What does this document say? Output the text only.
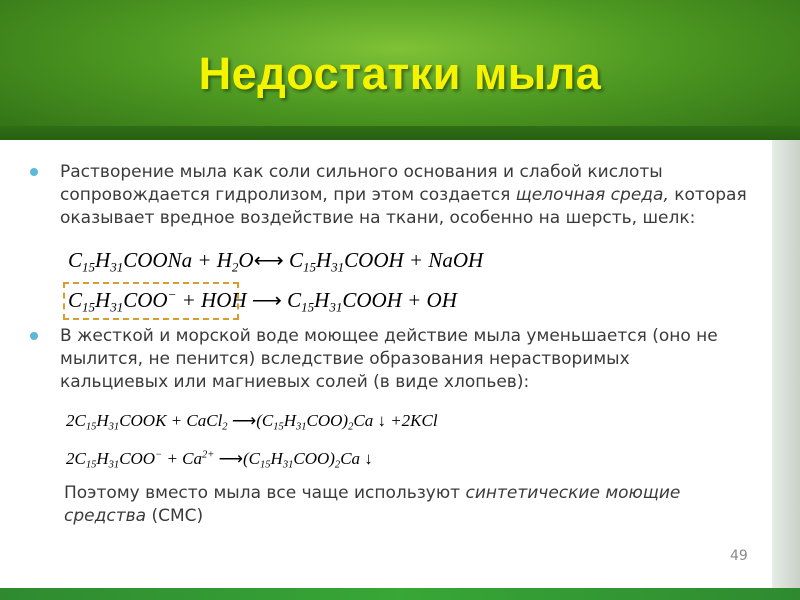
Недостатки мыла
Растворение мыла как соли сильного основания и слабой кислоты
сопровождается гидролизом, при этом создается щелочная среда, которая
оказывает вредное воздействие на ткани, особенно на шерсть, шелк:
$C_{15}H_{31}COONa$ + $H_2O⟷$ $C_{15}H_{31}COOH$ + NaOH
$C_{15}H_{31}COO^-$ + HOH ⟶ $C_{15}H_{31}COOH$ + OH
В жесткой и морской воде моющее действие мыла уменьшается (оно не
мылится, не пенится) вследствие образования нерастворимых
кальциевых или магниевых солей (в виде хлопьев):
$2C_{15}H_{31}COOK$ + CaCl$_2$ $⟶(C_{15}H_{31}COO)_2Ca$ ↓ +2KCl
$2C_{15}H_{31}COO^- + Ca^{2+}$ $⟶(C_{15}H_{31}COO)_2Ca$ ↓
Поэтому вместо мыла все чаще используют синтетические моющие
средства (СМС)
49
